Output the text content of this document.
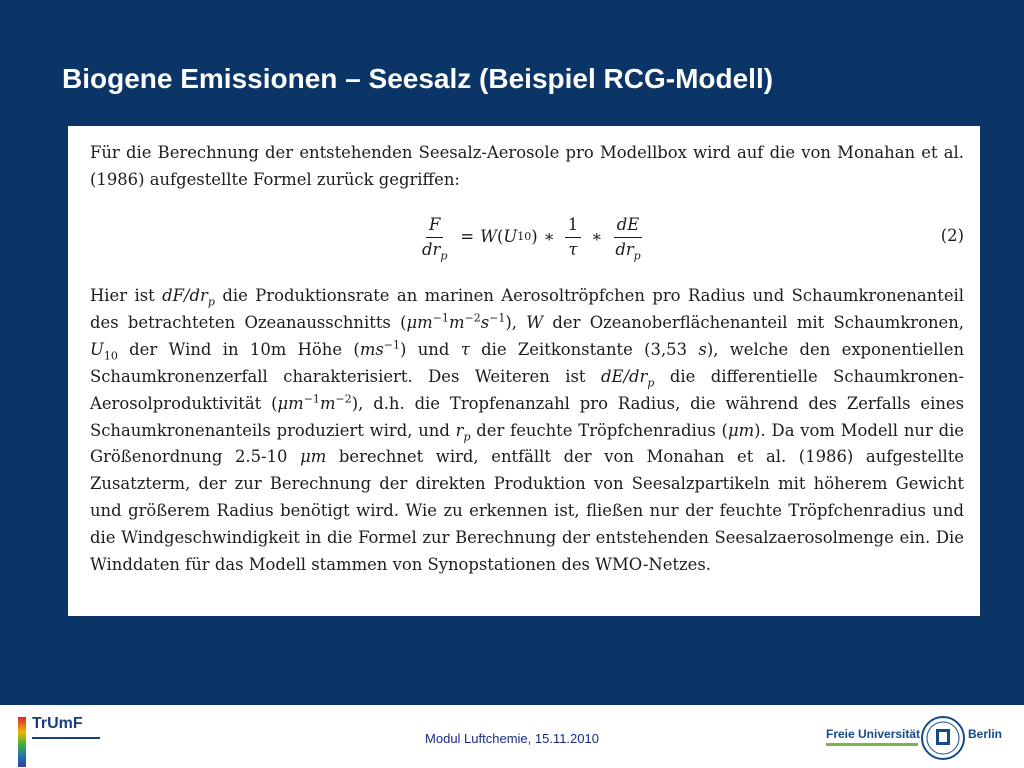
Biogene Emissionen – Seesalz (Beispiel RCG-Modell)

Für die Berechnung der entstehenden Seesalz-Aerosole pro Modellbox wird auf die von Monahan et al. (1986) aufgestellte Formel zurück gegriffen:

$\frac{F}{dr_p} = W$ ( U 10 ) ∗ $\frac{1}{\tau}$ ∗ $\frac{dE}{dr_p}$	(2)

Hier ist $dF/dr_p$ die Produktionsrate an marinen Aerosoltröpfchen pro Radius und Schaumkronenanteil des betrachteten Ozeanausschnitts $(\mu m^{-1}m^{-2}s^{-1})$, W der Ozeanoberflächenanteil mit Schaumkronen, $U_{10}$ der Wind in 10m Höhe $(ms^{-1})$ und τ die Zeitkonstante (3,53 s), welche den exponentiellen Schaumkronenzerfall charakterisiert. Des Weiteren ist $dE/dr_p$ die differentielle Schaumkronen-Aerosolproduktivität $(\mu m^{-1}m^{-2})$, d.h. die Tropfenanzahl pro Radius, die während des Zerfalls eines Schaumkronenanteils produziert wird, und $r_p$ der feuchte Tröpfchenradius (μm). Da vom Modell nur die Größenordnung 2.5-10 μm berechnet wird, entfällt der von Monahan et al. (1986) aufgestellte Zusatzterm, der zur Berechnung der direkten Produktion von Seesalzpartikeln mit höherem Gewicht und größerem Radius benötigt wird. Wie zu erkennen ist, fließen nur der feuchte Tröpfchenradius und die Windgeschwindigkeit in die Formel zur Berechnung der entstehenden Seesalzaerosolmenge ein. Die Winddaten für das Modell stammen von Synopstationen des WMO-Netzes.

TrUmF
Modul Luftchemie, 15.11.2010	Freie Universität	Berlin
